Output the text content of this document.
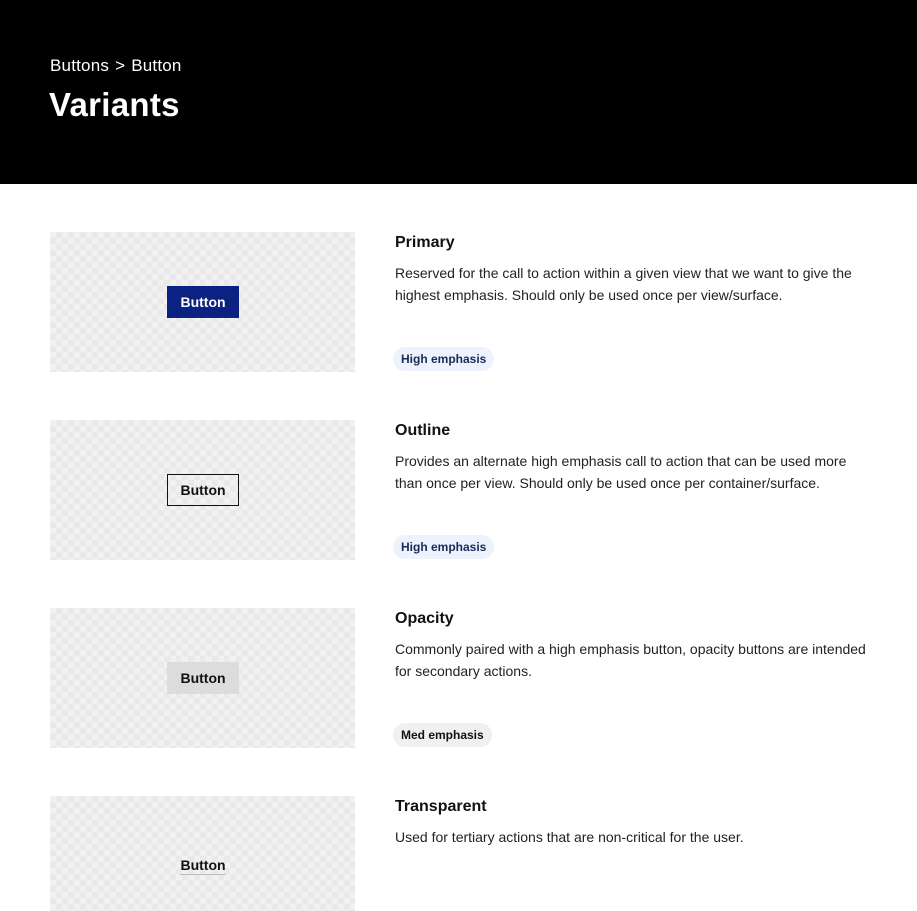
Buttons > Button
Variants
Button
Primary

Reserved for the call to action within a given view that we want to give the highest emphasis. Should only be used once per view/surface.

High emphasis
Button
Outline

Provides an alternate high emphasis call to action that can be used more than once per view. Should only be used once per container/surface.

High emphasis
Button
Opacity

Commonly paired with a high emphasis button, opacity buttons are intended for secondary actions.

Med emphasis
Button
Transparent

Used for tertiary actions that are non-critical for the user.
